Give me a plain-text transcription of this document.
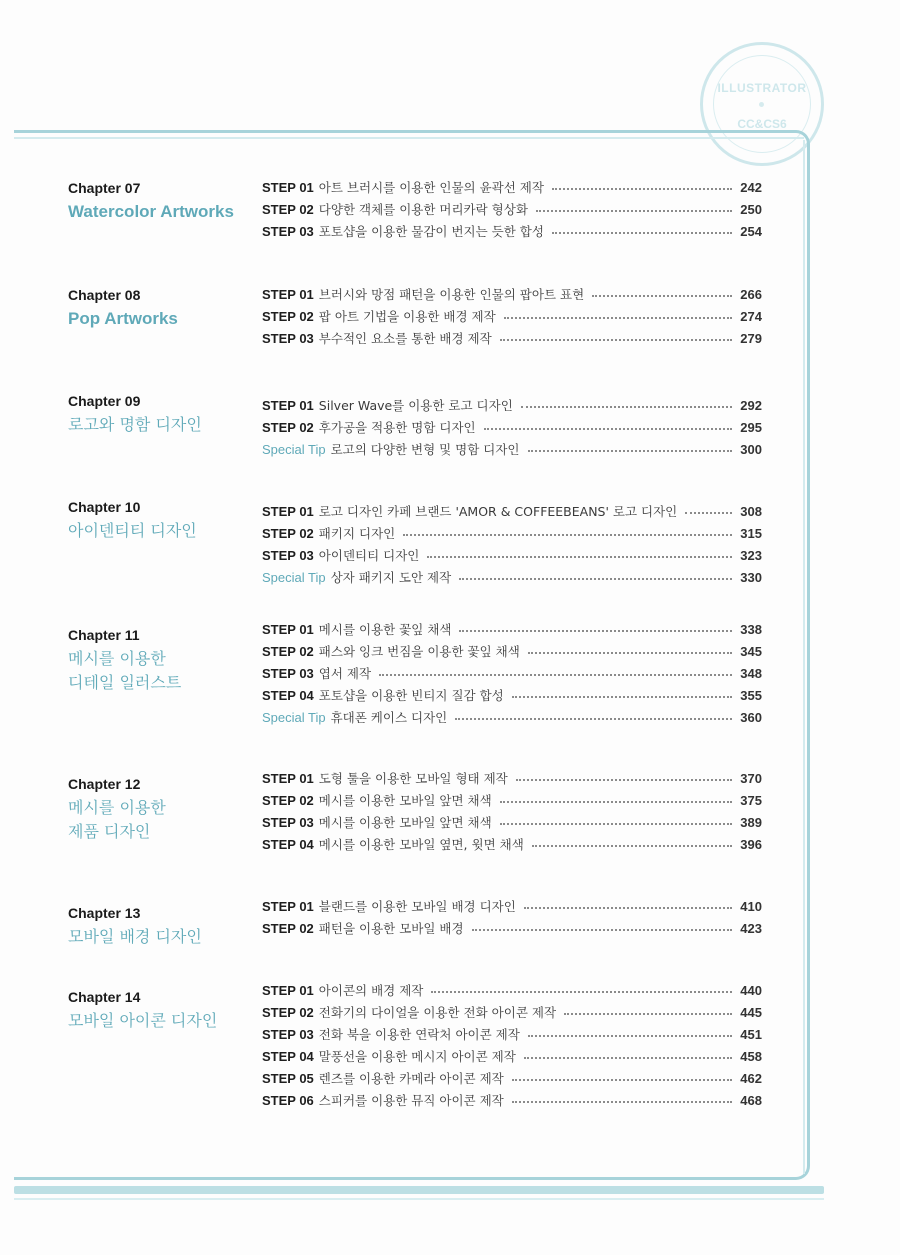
ILLUSTRATOR
CC&CS6
Chapter 07
Watercolor Artworks
STEP 01 아트 브러시를 이용한 인물의 윤곽선 제작	242
STEP 02 다양한 객체를 이용한 머리카락 형상화	250
STEP 03 포토샵을 이용한 물감이 번지는 듯한 합성	254
Chapter 08
Pop Artworks
STEP 01 브러시와 망점 패턴을 이용한 인물의 팝아트 표현	266
STEP 02 팝 아트 기법을 이용한 배경 제작	274
STEP 03 부수적인 요소를 통한 배경 제작	279
Chapter 09
로고와 명함 디자인
STEP 01 Silver Wave를 이용한 로고 디자인	292
STEP 02 후가공을 적용한 명함 디자인	295
Special Tip 로고의 다양한 변형 및 명함 디자인	300
Chapter 10
아이덴티티 디자인
STEP 01 로고 디자인 카페 브랜드 'AMOR & COFFEEBEANS' 로고 디자인	308
STEP 02 패키지 디자인	315
STEP 03 아이덴티티 디자인	323
Special Tip 상자 패키지 도안 제작	330
Chapter 11
메시를 이용한
디테일 일러스트
STEP 01 메시를 이용한 꽃잎 채색	338
STEP 02 패스와 잉크 번짐을 이용한 꽃잎 채색	345
STEP 03 엽서 제작	348
STEP 04 포토샵을 이용한 빈티지 질감 합성	355
Special Tip 휴대폰 케이스 디자인	360
Chapter 12
메시를 이용한
제품 디자인
STEP 01 도형 툴을 이용한 모바일 형태 제작	370
STEP 02 메시를 이용한 모바일 앞면 채색	375
STEP 03 메시를 이용한 모바일 앞면 채색	389
STEP 04 메시를 이용한 모바일 옆면, 윗면 채색	396
Chapter 13
모바일 배경 디자인
STEP 01 블랜드를 이용한 모바일 배경 디자인	410
STEP 02 패턴을 이용한 모바일 배경	423
Chapter 14
모바일 아이콘 디자인
STEP 01 아이콘의 배경 제작	440
STEP 02 전화기의 다이얼을 이용한 전화 아이콘 제작	445
STEP 03 전화 북을 이용한 연락처 아이콘 제작	451
STEP 04 말풍선을 이용한 메시지 아이콘 제작	458
STEP 05 렌즈를 이용한 카메라 아이콘 제작	462
STEP 06 스피커를 이용한 뮤직 아이콘 제작	468
